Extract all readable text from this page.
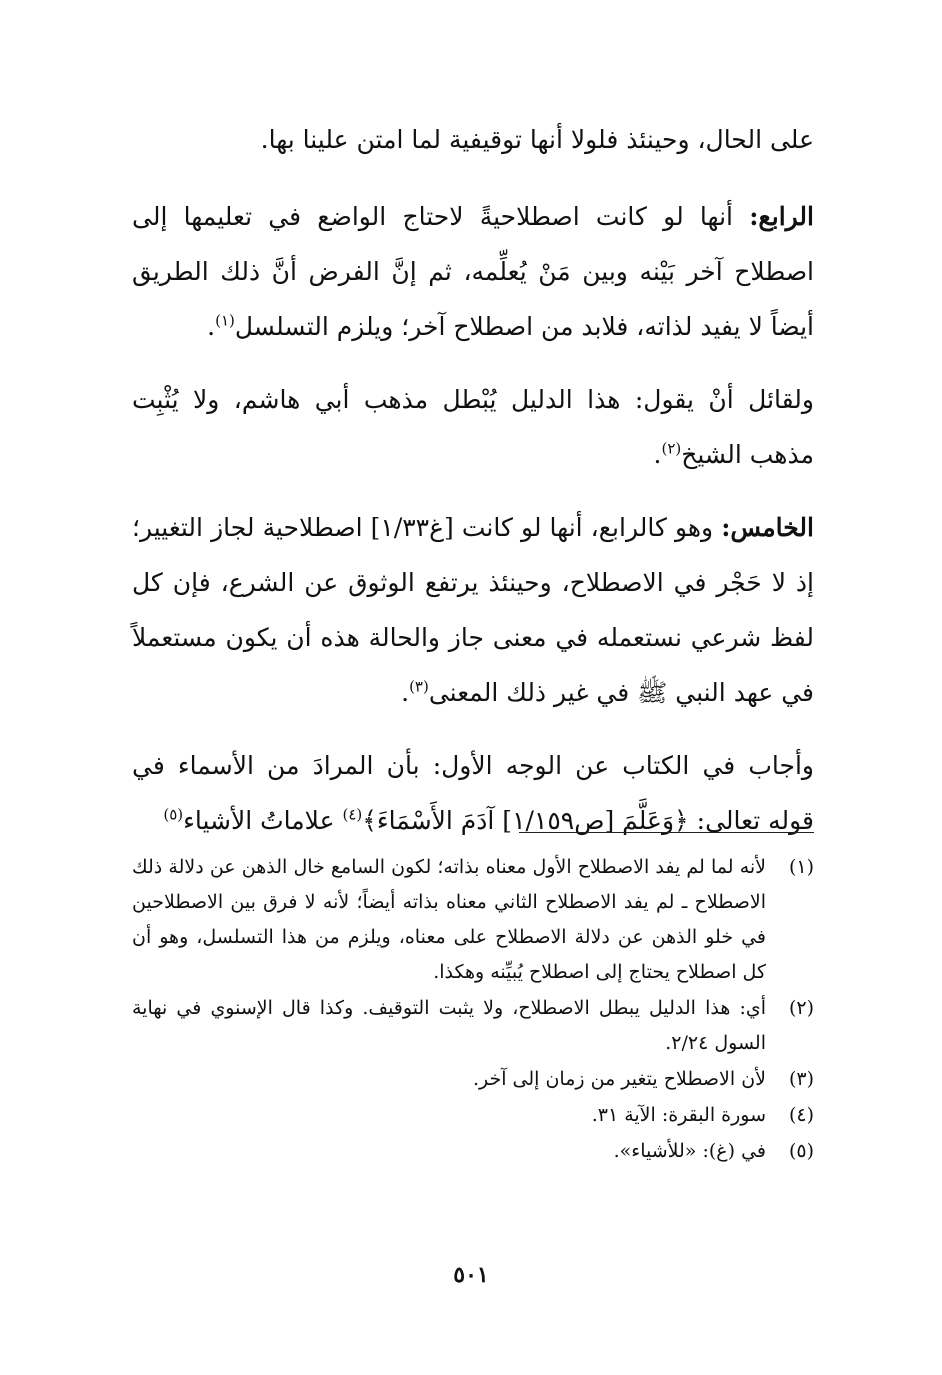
على الحال، وحينئذ فلولا أنها توقيفية لما امتن علينا بها.

الرابع: أنها لو كانت اصطلاحيةً لاحتاج الواضع في تعليمها إلى اصطلاح آخر بَيْنه وبين مَنْ يُعلِّمه، ثم إنَّ الفرض أنَّ ذلك الطريق أيضاً لا يفيد لذاته، فلابد من اصطلاح آخر؛ ويلزم التسلسل$^{(١)}$.

ولقائل أنْ يقول: هذا الدليل يُبْطل مذهب أبي هاشم، ولا يُثْبِت مذهب الشيخ$^{(٢)}$.

الخامس: وهو كالرابع، أنها لو كانت [غ١/٣٣] اصطلاحية لجاز التغيير؛ إذ لا حَجْر في الاصطلاح، وحينئذ يرتفع الوثوق عن الشرع، فإن كل لفظ شرعي نستعمله في معنى جاز والحالة هذه أن يكون مستعملاً في عهد النبي ﷺ في غير ذلك المعنى$^{(٣)}$.

وأجاب في الكتاب عن الوجه الأول: بأن المرادَ من الأسماء في قوله تعالى: ﴿وَعَلَّمَ [ص١/١٥٩] آدَمَ الأَسْمَاءَ﴾$^{(٤)}$ علاماتُ الأشياء$^{(٥)}$

(١)
لأنه لما لم يفد الاصطلاح الأول معناه بذاته؛ لكون السامع خال الذهن عن دلالة ذلك الاصطلاح ـ لم يفد الاصطلاح الثاني معناه بذاته أيضاً؛ لأنه لا فرق بين الاصطلاحين في خلو الذهن عن دلالة الاصطلاح على معناه، ويلزم من هذا التسلسل، وهو أن كل اصطلاح يحتاج إلى اصطلاح يُبيِّنه وهكذا.
(٢)
أي: هذا الدليل يبطل الاصطلاح، ولا يثبت التوقيف. وكذا قال الإسنوي في نهاية السول ٢/٢٤.
(٣)
لأن الاصطلاح يتغير من زمان إلى آخر.
(٤)
سورة البقرة: الآية ٣١.
(٥)
في (غ): «للأشياء».
٥٠١
